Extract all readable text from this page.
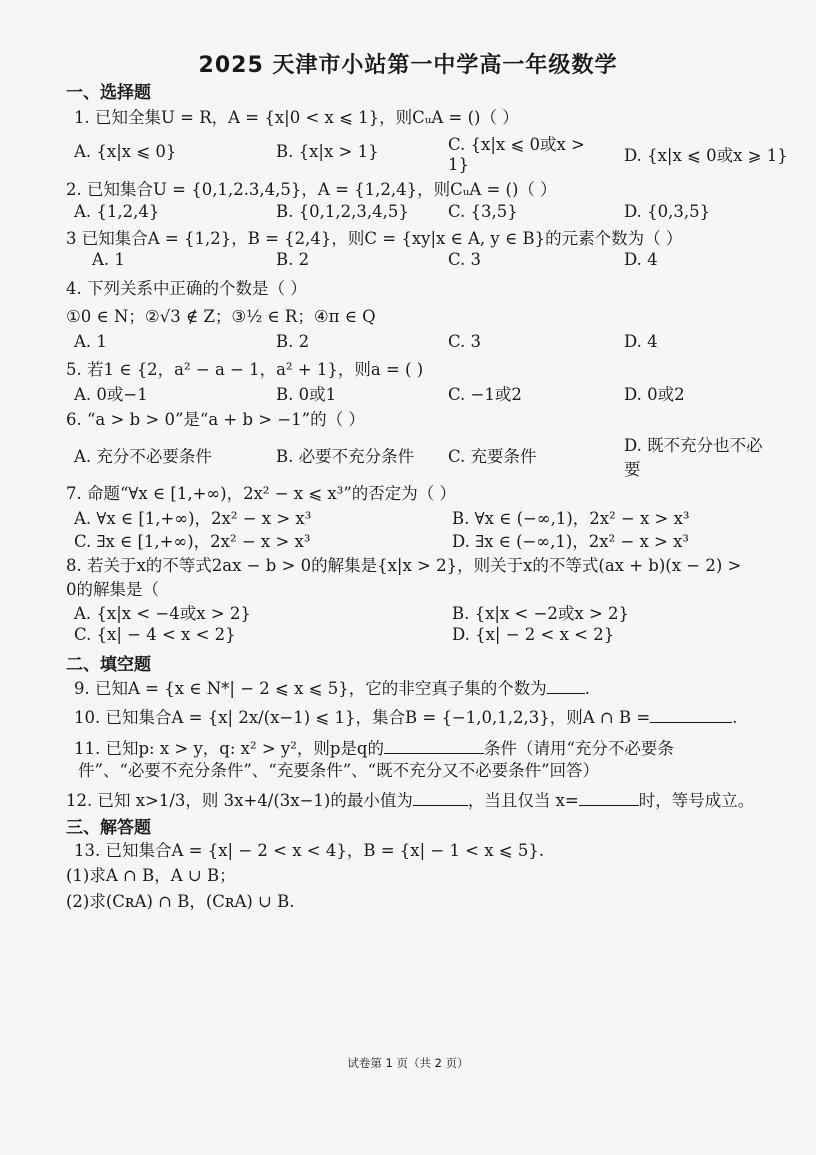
2025 天津市小站第一中学高一年级数学
一、选择题
1. 已知全集U = R，A = {x|0 < x ⩽ 1}，则CᵤA = ()（ ）
A. {x|x ⩽ 0}	B. {x|x > 1}	C. {x|x ⩽ 0或x >
1}	D. {x|x ⩽ 0或x ⩾ 1}
2. 已知集合U = {0,1,2.3,4,5}，A = {1,2,4}，则CᵤA = ()（ ）
A. {1,2,4}	B. {0,1,2,3,4,5} C. {3,5}	D. {0,3,5}
3 已知集合A = {1,2}，B = {2,4}，则C = {xy|x ∈ A, y ∈ B}的元素个数为（ ）
A. 1	B. 2	C. 3	D. 4
4. 下列关系中正确的个数是（ ）
①0 ∈ N；②√3 ∉ Z；③½ ∈ R；④π ∈ Q
A. 1	B. 2	C. 3	D. 4
5. 若1 ∈ {2，a² − a − 1，a² + 1}，则a = ( )
A. 0或−1	B. 0或1	C. −1或2	D. 0或2
6. “a > b > 0”是“a + b > −1”的（ ）
A. 充分不必要条件	B. 必要不充分条件 C. 充要条件
D. 既不充分也不必
要
7. 命题“∀x ∈ [1,+∞)，2x² − x ⩽ x³”的否定为（ ）
A. ∀x ∈ [1,+∞)，2x² − x > x³	B. ∀x ∈ (−∞,1)，2x² − x > x³
C. ∃x ∈ [1,+∞)，2x² − x > x³	D. ∃x ∈ (−∞,1)，2x² − x > x³
8. 若关于x的不等式2ax − b > 0的解集是{x|x > 2}，则关于x的不等式(ax + b)(x − 2) >
0的解集是（
A. {x|x < −4或x > 2}	B. {x|x < −2或x > 2}
C. {x| − 4 < x < 2}	D. {x| − 2 < x < 2}
二、填空题
9. 已知A = {x ∈ N*| − 2 ⩽ x ⩽ 5}，它的非空真子集的个数为 .
10. 已知集合A = {x| 2x/(x−1) ⩽ 1}，集合B = {−1,0,1,2,3}，则A ∩ B =	.
11. 已知p: x > y，q: x² > y²，则p是q的	条件（请用“充分不必要条
件”、“必要不充分条件”、“充要条件”、“既不充分又不必要条件”回答）
12. 已知 x>1/3，则 3x+4/(3x−1)的最小值为	，当且仅当 x=	时，等号成立。
三、解答题
13. 已知集合A = {x| − 2 < x < 4}，B = {x| − 1 < x ⩽ 5}.
(1)求A ∩ B，A ∪ B；
(2)求(CʀA) ∩ B，(CʀA) ∪ B.
试卷第 1 页（共 2 页）
